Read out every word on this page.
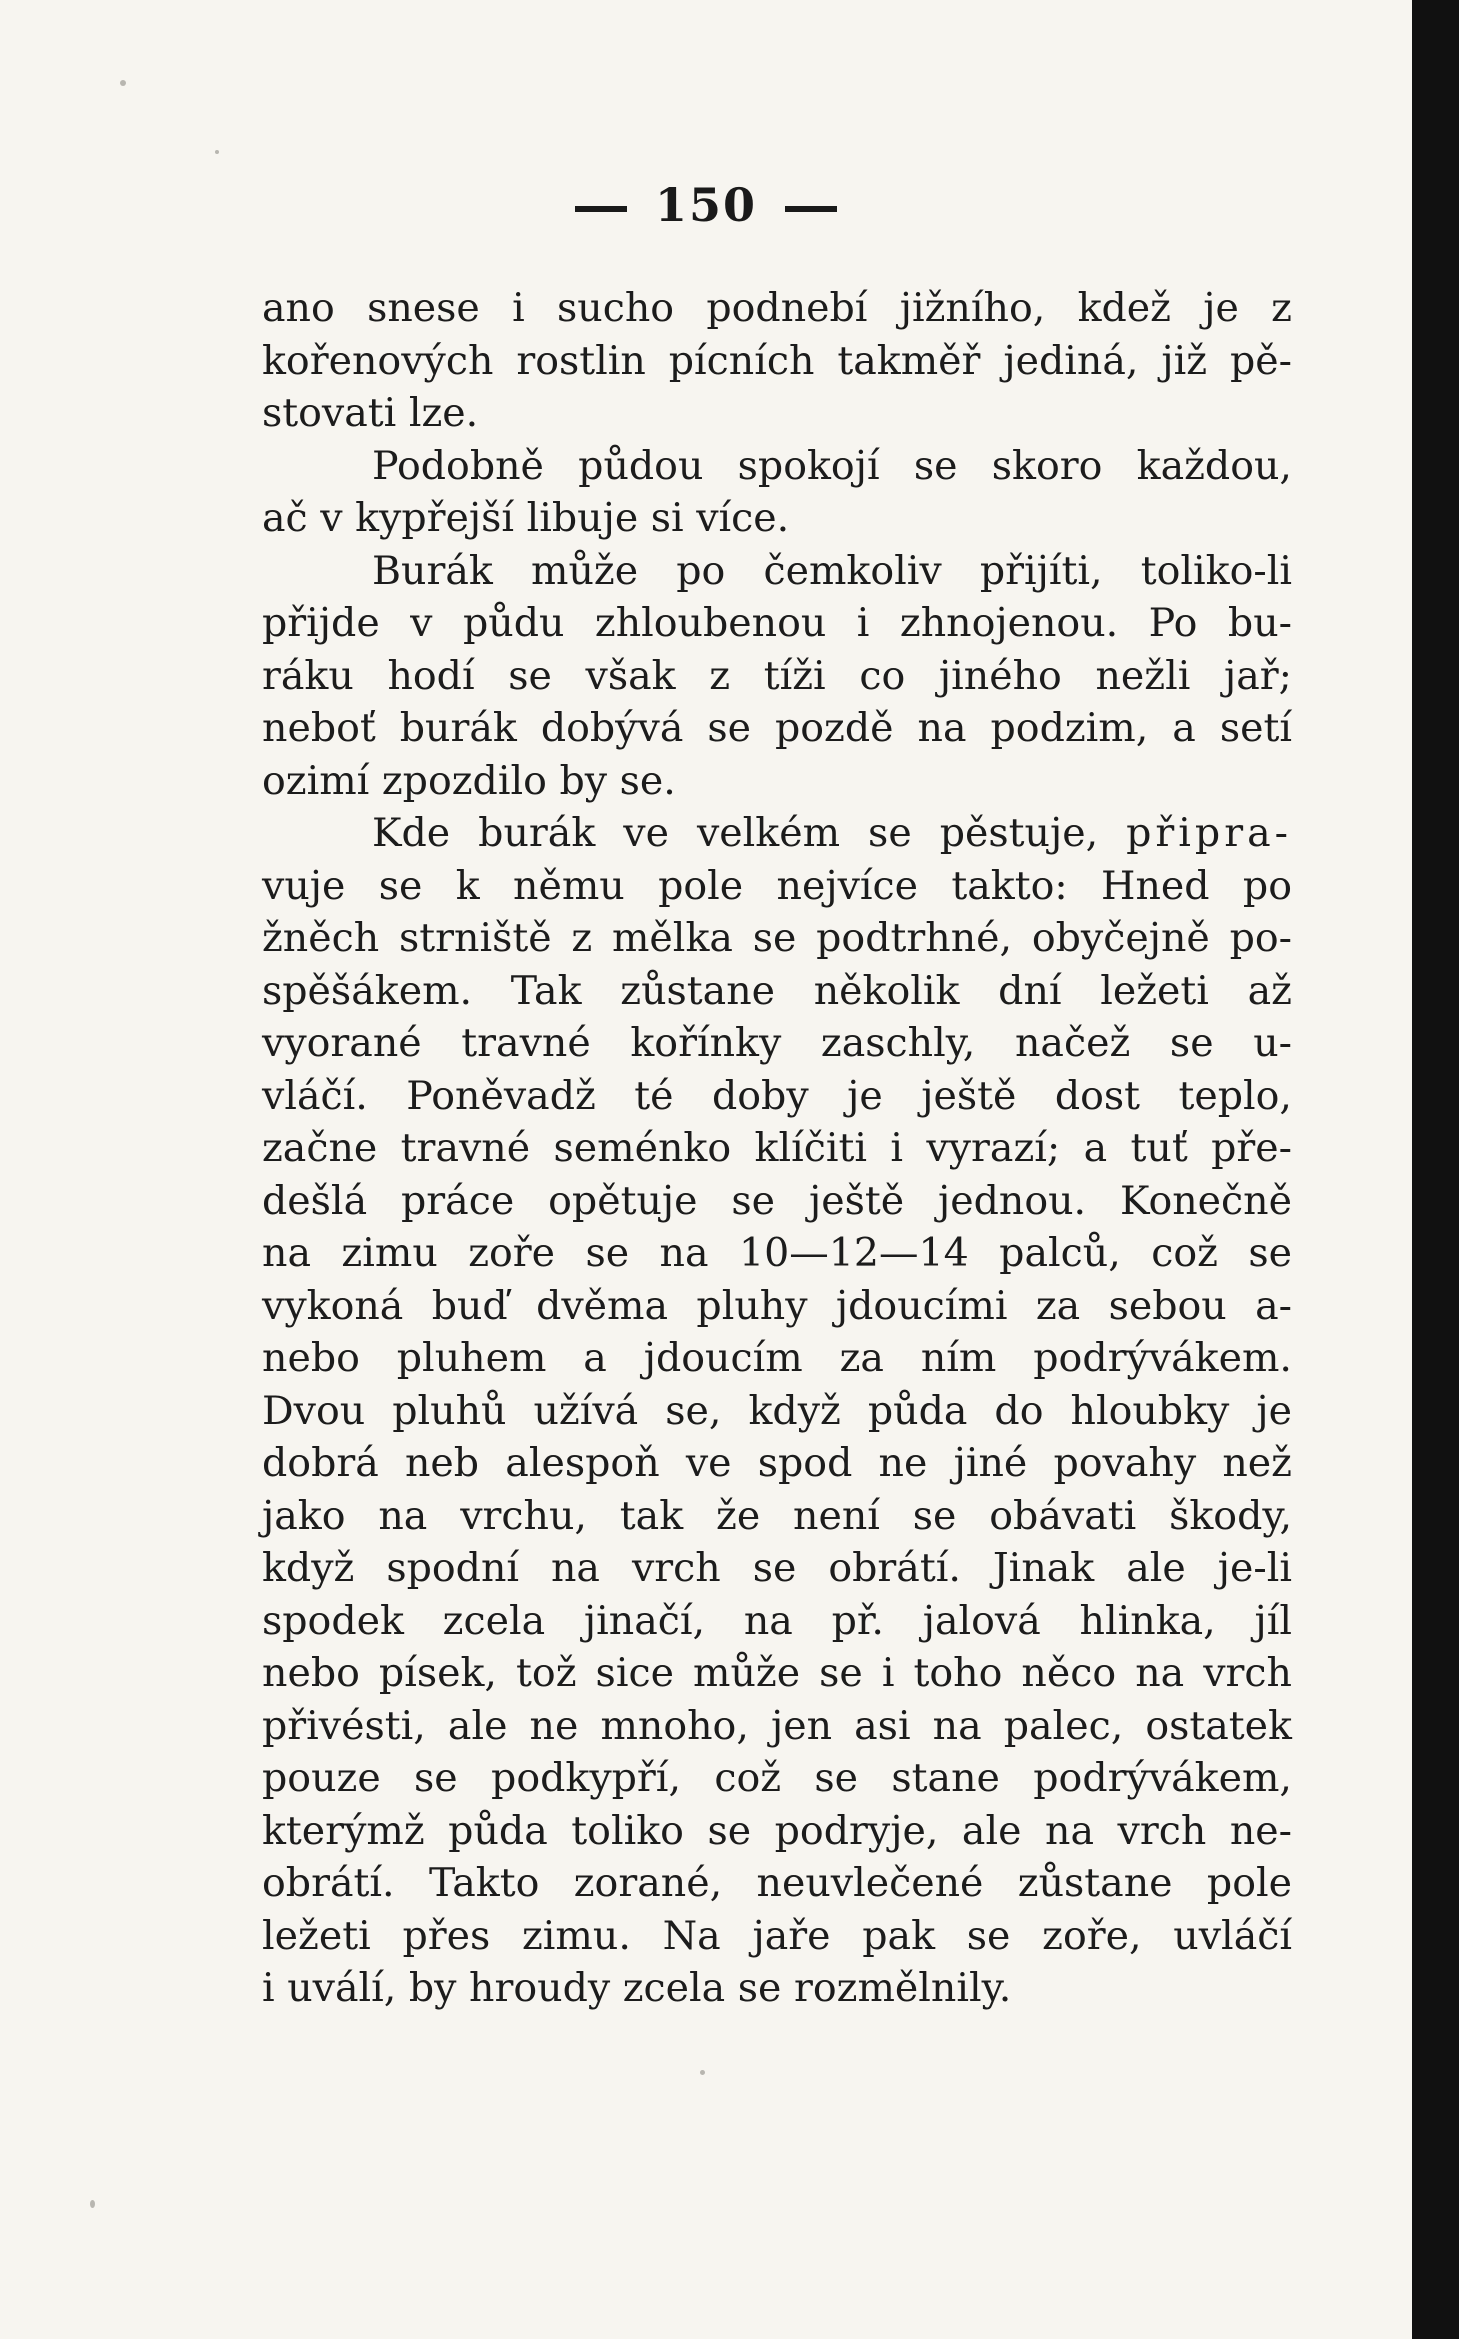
150
ano snese i sucho podnebí jižního, kdež je z
kořenových rostlin pícních takměř jediná, již pě-
stovati lze.
Podobně půdou spokojí se skoro každou,
ač v kypřejší libuje si více.
Burák může po čemkoliv přijíti, toliko-li
přijde v půdu zhloubenou i zhnojenou. Po bu-
ráku hodí se však z tíži co jiného nežli jař;
neboť burák dobývá se pozdě na podzim, a setí
ozimí zpozdilo by se.
Kde burák ve velkém se pěstuje, připra-
vuje se k němu pole nejvíce takto: Hned po
žněch strniště z mělka se podtrhné, obyčejně po-
spěšákem. Tak zůstane několik dní ležeti až
vyorané travné kořínky zaschly, načež se u-
vláčí. Poněvadž té doby je ještě dost teplo,
začne travné seménko klíčiti i vyrazí; a tuť pře-
dešlá práce opětuje se ještě jednou. Konečně
na zimu zoře se na 10—12—14 palců, což se
vykoná buď dvěma pluhy jdoucími za sebou a-
nebo pluhem a jdoucím za ním podrývákem.
Dvou pluhů užívá se, když půda do hloubky je
dobrá neb alespoň ve spod ne jiné povahy než
jako na vrchu, tak že není se obávati škody,
když spodní na vrch se obrátí. Jinak ale je-li
spodek zcela jinačí, na př. jalová hlinka, jíl
nebo písek, tož sice může se i toho něco na vrch
přivésti, ale ne mnoho, jen asi na palec, ostatek
pouze se podkypří, což se stane podrývákem,
kterýmž půda toliko se podryje, ale na vrch ne-
obrátí. Takto zorané, neuvlečené zůstane pole
ležeti přes zimu. Na jaře pak se zoře, uvláčí
i uválí, by hroudy zcela se rozmělnily.
